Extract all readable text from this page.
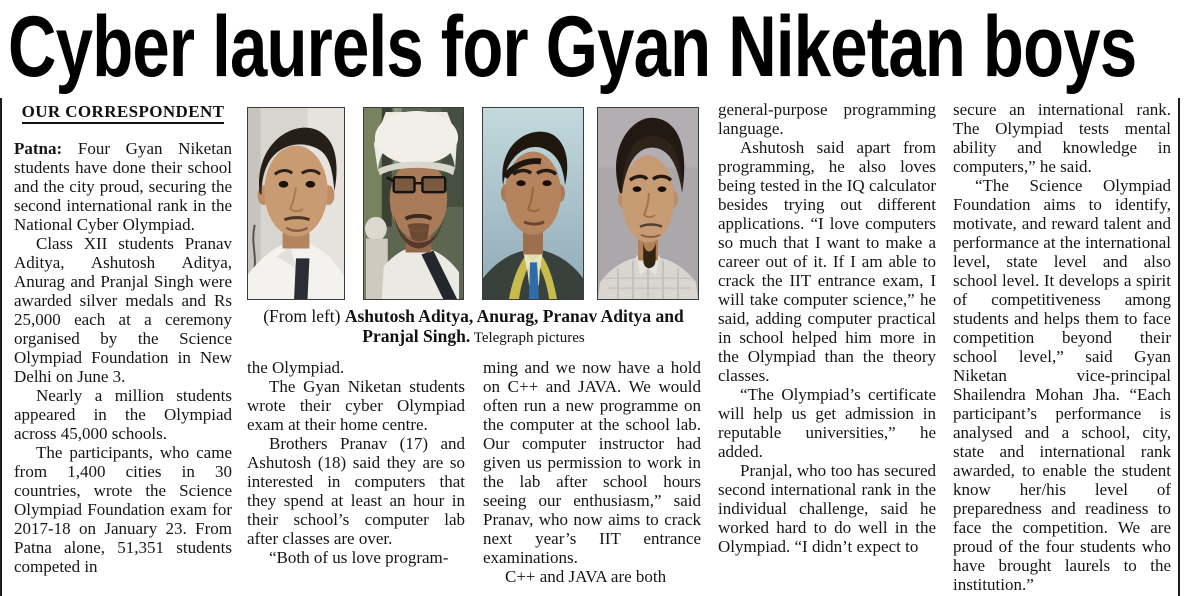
Cyber laurels for Gyan Niketan boys
OUR CORRESPONDENT

Patna: Four Gyan Niketan students have done their school and the city proud, securing the second international rank in the National Cyber Olympiad.

Class XII students Pranav Aditya, Ashutosh Aditya, Anurag and Pranjal Singh were awarded silver medals and Rs 25,000 each at a ceremony organised by the Science Olympiad Foundation in New Delhi on June 3.

Nearly a million students appeared in the Olympiad across 45,000 schools.

The participants, who came from 1,400 cities in 30 countries, wrote the Science Olympiad Foundation exam for 2017-18 on January 23. From Patna alone, 51,351 students competed in

(From left) Ashutosh Aditya, Anurag, Pranav Aditya and Pranjal Singh. Telegraph pictures

the Olympiad.

The Gyan Niketan students wrote their cyber Olympiad exam at their home centre.

Brothers Pranav (17) and Ashutosh (18) said they are so interested in computers that they spend at least an hour in their school’s computer lab after classes are over.

“Both of us love program-

ming and we now have a hold on C++ and JAVA. We would often run a new programme on the computer at the school lab. Our computer instructor had given us permission to work in the lab after school hours seeing our enthusiasm,” said Pranav, who now aims to crack next year’s IIT entrance examinations.

C++ and JAVA are both

general-purpose programming language.

Ashutosh said apart from programming, he also loves being tested in the IQ calculator besides trying out different applications. “I love computers so much that I want to make a career out of it. If I am able to crack the IIT entrance exam, I will take computer science,” he said, adding computer practical in school helped him more in the Olympiad than the theory classes.

“The Olympiad’s certificate will help us get admission in reputable universities,” he added.

Pranjal, who too has secured second international rank in the individual challenge, said he worked hard to do well in the Olympiad. “I didn’t expect to

secure an international rank. The Olympiad tests mental ability and knowledge in computers,” he said.

“The Science Olympiad Foundation aims to identify, motivate, and reward talent and performance at the international level, state level and also school level. It develops a spirit of competitiveness among students and helps them to face competition beyond their school level,” said Gyan Niketan vice-principal Shailendra Mohan Jha. “Each participant’s performance is analysed and a school, city, state and international rank awarded, to enable the student know her/his level of preparedness and readiness to face the competition. We are proud of the four students who have brought laurels to the institution.”
